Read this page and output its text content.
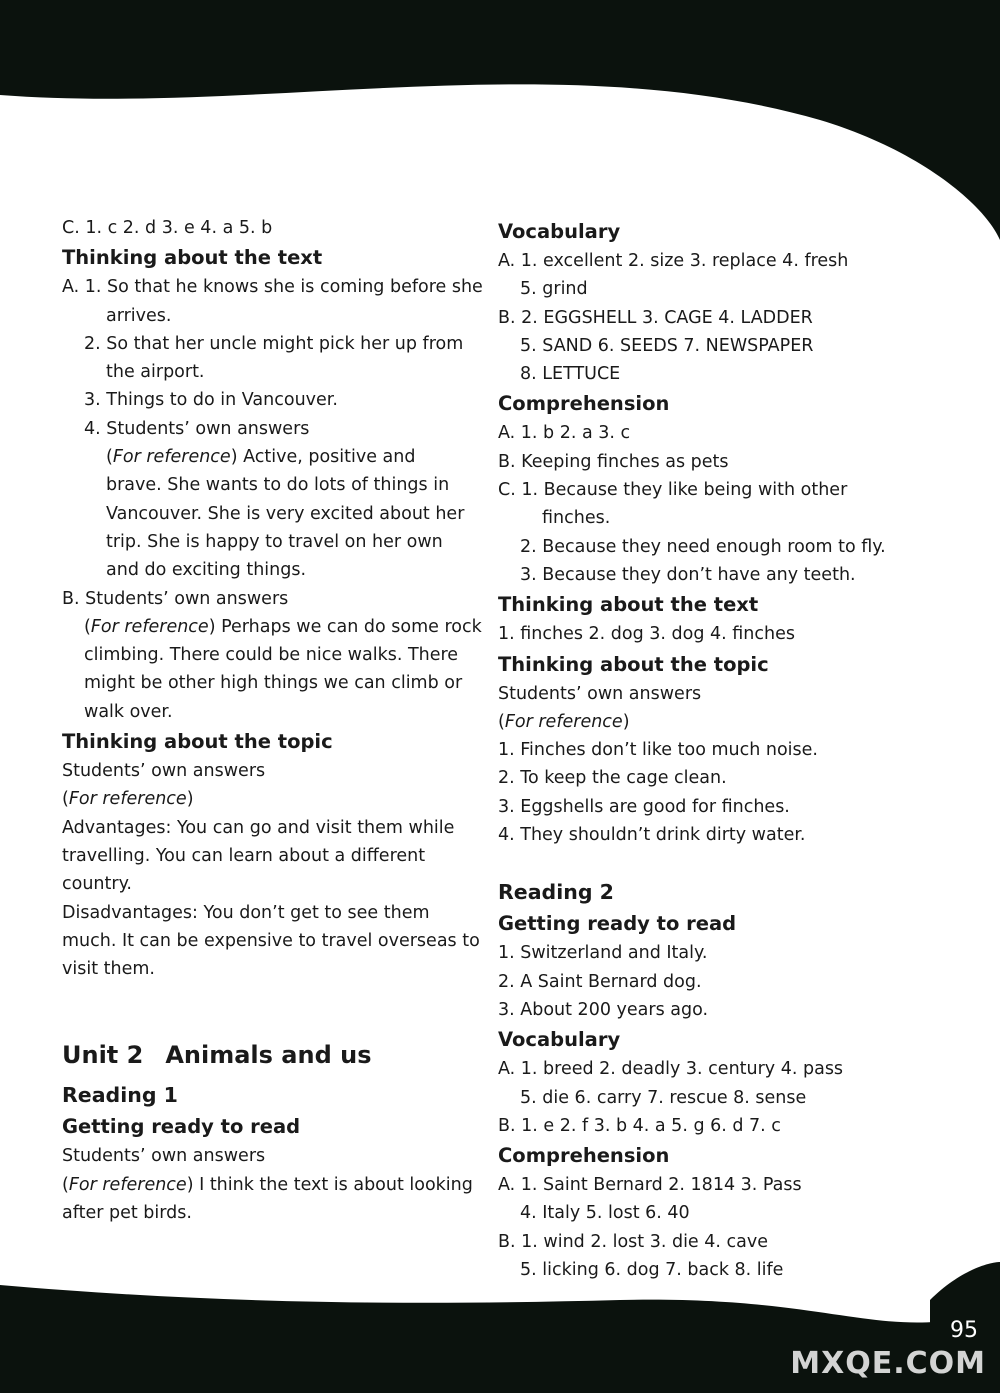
C. 1. c 2. d 3. e 4. a 5. b
Thinking about the text
A. 1. So that he knows she is coming before she
arrives.
2. So that her uncle might pick her up from
the airport.
3. Things to do in Vancouver.
4. Students’ own answers
(For reference) Active, positive and
brave. She wants to do lots of things in
Vancouver. She is very excited about her
trip. She is happy to travel on her own
and do exciting things.
B. Students’ own answers
(For reference) Perhaps we can do some rock
climbing. There could be nice walks. There
might be other high things we can climb or
walk over.
Thinking about the topic
Students’ own answers
(For reference)
Advantages: You can go and visit them while
travelling. You can learn about a different
country.
Disadvantages: You don’t get to see them
much. It can be expensive to travel overseas to
visit them.
Unit 2 Animals and us
Reading 1
Getting ready to read
Students’ own answers
(For reference) I think the text is about looking
after pet birds.
Vocabulary
A. 1. excellent 2. size 3. replace 4. fresh
5. grind
B. 2. EGGSHELL 3. CAGE 4. LADDER
5. SAND 6. SEEDS 7. NEWSPAPER
8. LETTUCE
Comprehension
A. 1. b 2. a 3. c
B. Keeping finches as pets
C. 1. Because they like being with other
finches.
2. Because they need enough room to fly.
3. Because they don’t have any teeth.
Thinking about the text
1. finches 2. dog 3. dog 4. finches
Thinking about the topic
Students’ own answers
(For reference)
1. Finches don’t like too much noise.
2. To keep the cage clean.
3. Eggshells are good for finches.
4. They shouldn’t drink dirty water.
Reading 2
Getting ready to read
1. Switzerland and Italy.
2. A Saint Bernard dog.
3. About 200 years ago.
Vocabulary
A. 1. breed 2. deadly 3. century 4. pass
5. die 6. carry 7. rescue 8. sense
B. 1. e 2. f 3. b 4. a 5. g 6. d 7. c
Comprehension
A. 1. Saint Bernard 2. 1814 3. Pass
4. Italy 5. lost 6. 40
B. 1. wind 2. lost 3. die 4. cave
5. licking 6. dog 7. back 8. life
95
MXQE.COM
